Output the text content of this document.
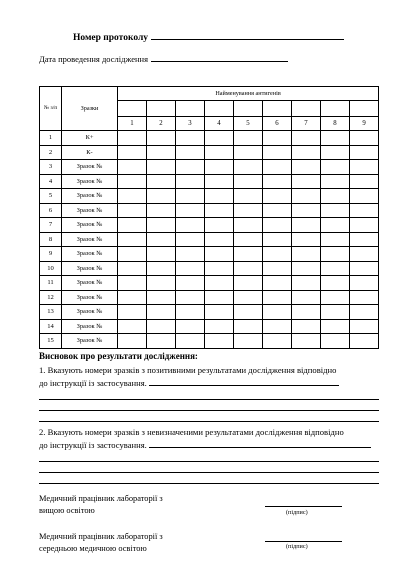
Номер протоколу
Дата проведення дослідження
№ з/п	Зразки	Найменування антигенів								

		1	2	3	4	5	6	7	8	9
1	К+									
2	К-									
3	Зразок №									
4	Зразок №									
5	Зразок №									
6	Зразок №									
7	Зразок №									
8	Зразок №									
9	Зразок №									
10	Зразок №									
11	Зразок №									
12	Зразок №									
13	Зразок №									
14	Зразок №									
15	Зразок №									
Висновок про результати дослідження:
1. Вказують номери зразків з позитивними результатами дослідження відповідно
до інструкції із застосування.
2. Вказують номери зразків з невизначеними результатами дослідження відповідно
до інструкції із застосування.
Медичний працівник лабораторії з
вищою освітою	(підпис)
Медичний працівник лабораторії з
середньою медичною освітою	(підпис)
